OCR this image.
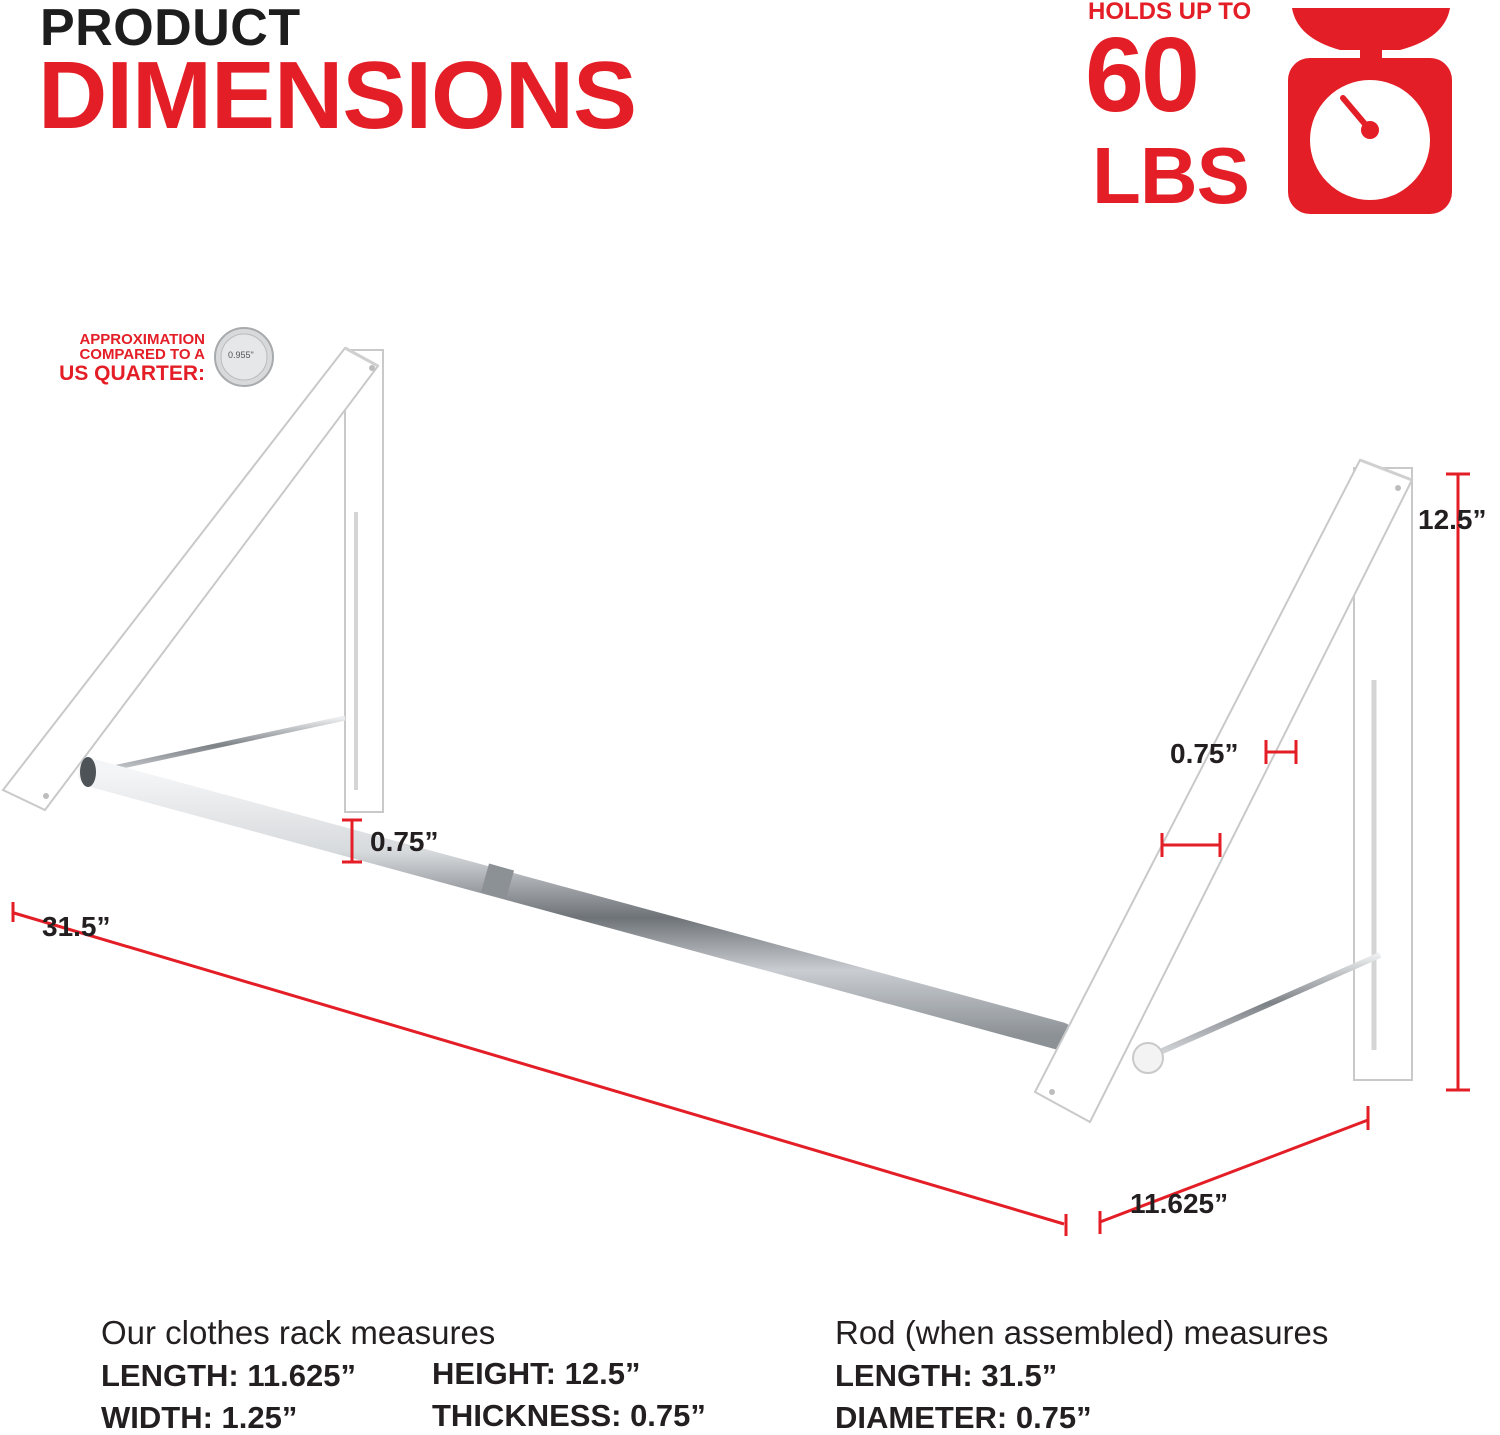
PRODUCT
DIMENSIONS
HOLDS UP TO
60
LBS
APPROXIMATION
COMPARED TO A
US QUARTER:
0.955"
12.5”
0.75”
0.75”
31.5”
11.625”
Our clothes rack measures
LENGTH: 11.625”
WIDTH: 1.25”
HEIGHT: 12.5”
THICKNESS: 0.75”
Rod (when assembled) measures
LENGTH: 31.5”
DIAMETER: 0.75”
